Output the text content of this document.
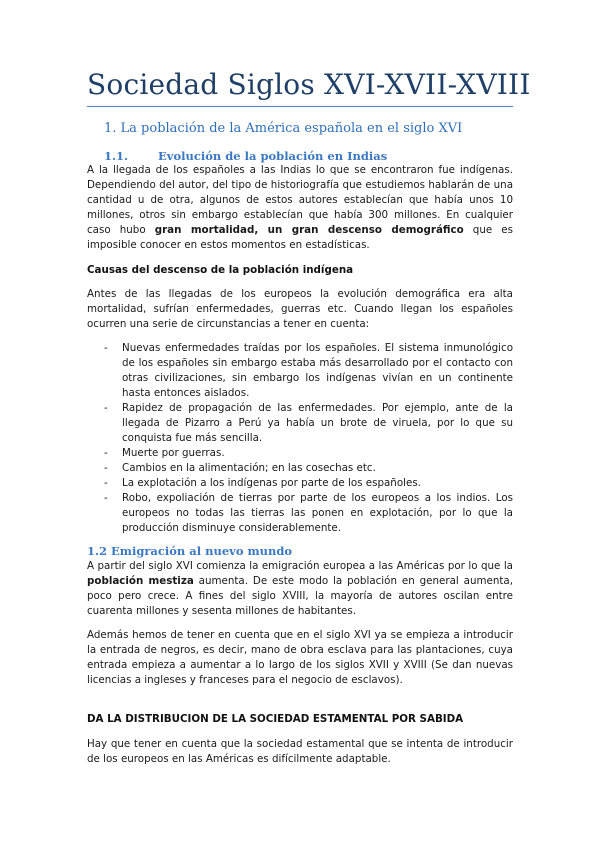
Sociedad Siglos XVI-XVII-XVIII
1. La población de la América española en el siglo XVI
1.1.	Evolución de la población en Indias

A la llegada de los españoles a las Indias lo que se encontraron fue indígenas. Dependiendo del autor, del tipo de historiografía que estudiemos hablarán de una cantidad u de otra, algunos de estos autores establecían que había unos 10 millones, otros sin embargo establecían que había 300 millones. En cualquier caso hubo gran mortalidad, un gran descenso demográfico que es imposible conocer en estos momentos en estadísticas.

Causas del descenso de la población indígena

Antes de las llegadas de los europeos la evolución demográfica era alta mortalidad, sufrían enfermedades, guerras etc. Cuando llegan los españoles ocurren una serie de circunstancias a tener en cuenta:

- Nuevas enfermedades traídas por los españoles. El sistema inmunológico de los españoles sin embargo estaba más desarrollado por el contacto con otras civilizaciones, sin embargo los indígenas vivían en un continente hasta entonces aislados.
- Rapidez de propagación de las enfermedades. Por ejemplo, ante de la llegada de Pizarro a Perú ya había un brote de viruela, por lo que su conquista fue más sencilla.
- Muerte por guerras.
- Cambios en la alimentación; en las cosechas etc.
- La explotación a los indígenas por parte de los españoles.
- Robo, expoliación de tierras por parte de los europeos a los indios. Los europeos no todas las tierras las ponen en explotación, por lo que la producción disminuye considerablemente.
1.2 Emigración al nuevo mundo

A partir del siglo XVI comienza la emigración europea a las Américas por lo que la población mestiza aumenta. De este modo la población en general aumenta, poco pero crece. A fines del siglo XVIII, la mayoría de autores oscilan entre cuarenta millones y sesenta millones de habitantes.

Además hemos de tener en cuenta que en el siglo XVI ya se empieza a introducir la entrada de negros, es decir, mano de obra esclava para las plantaciones, cuya entrada empieza a aumentar a lo largo de los siglos XVII y XVIII (Se dan nuevas licencias a ingleses y franceses para el negocio de esclavos).

DA LA DISTRIBUCION DE LA SOCIEDAD ESTAMENTAL POR SABIDA

Hay que tener en cuenta que la sociedad estamental que se intenta de introducir de los europeos en las Américas es difícilmente adaptable.
